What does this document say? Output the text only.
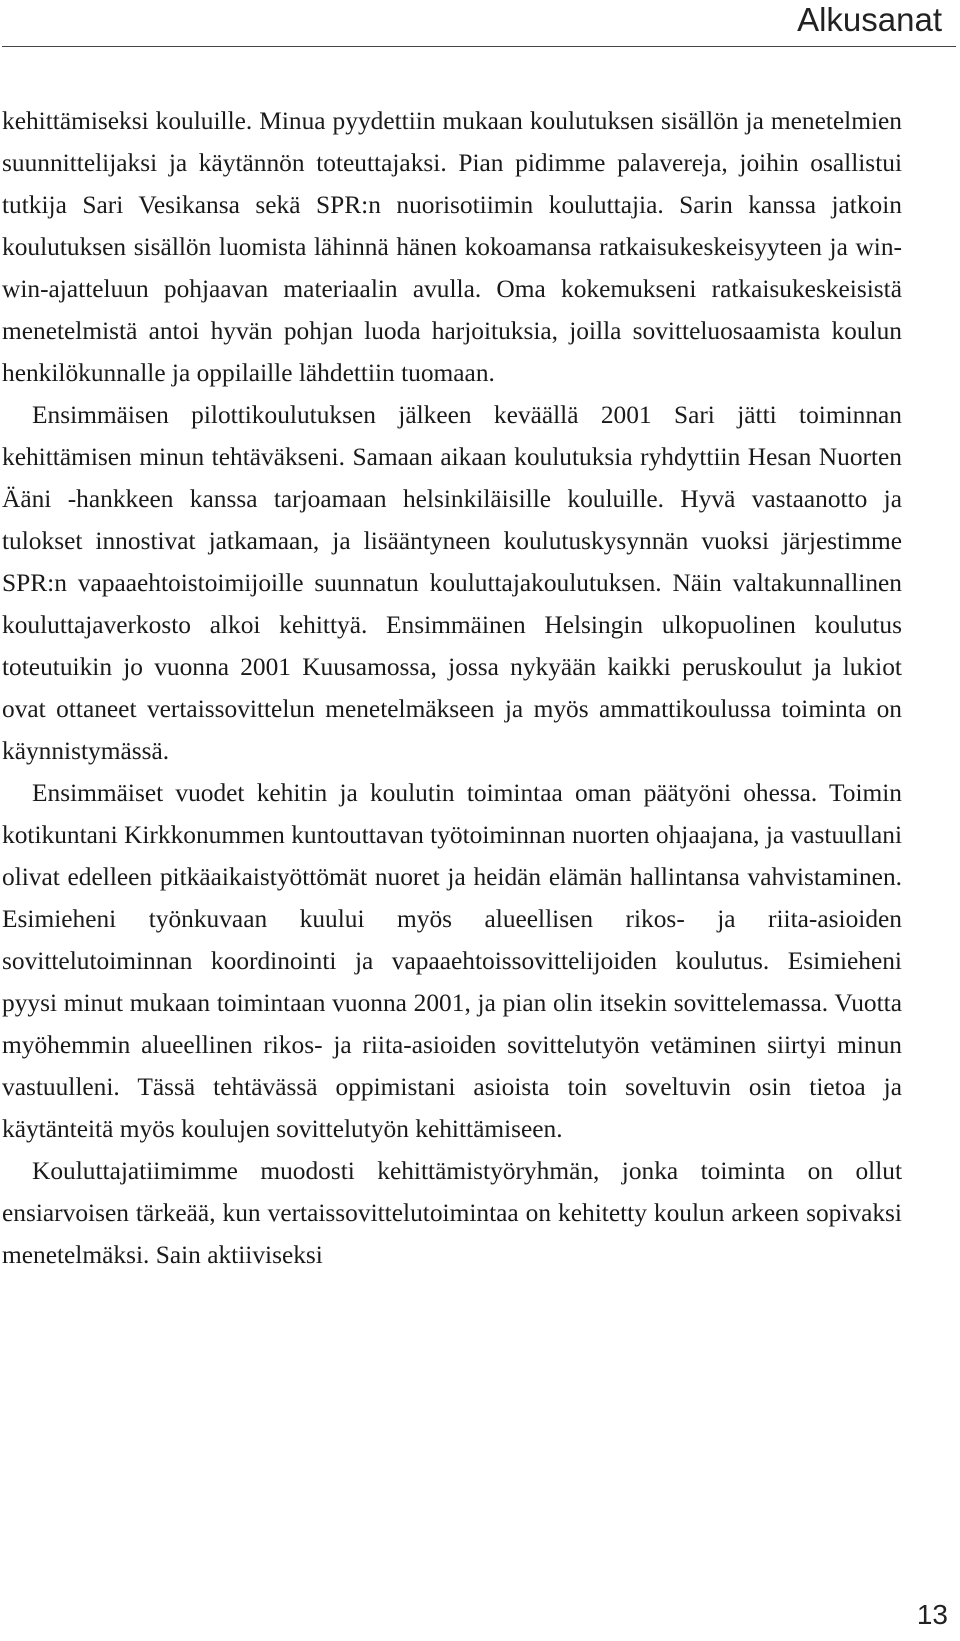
Alkusanat

kehittämiseksi kouluille. Minua pyydettiin mukaan koulutuksen sisällön ja menetelmien suunnittelijaksi ja käytännön toteuttajaksi. Pian pidimme palavereja, joihin osallistui tutkija Sari Vesikansa sekä SPR:n nuorisotiimin kouluttajia. Sarin kanssa jatkoin koulutuksen sisällön luomista lähinnä hänen kokoamansa ratkaisukeskeisyyteen ja win-win-ajatteluun pohjaavan materiaalin avulla. Oma kokemukseni ratkaisukeskeisistä menetelmistä antoi hyvän pohjan luoda harjoituksia, joilla sovitteluosaamista koulun henkilökunnalle ja oppilaille lähdettiin tuomaan.

Ensimmäisen pilottikoulutuksen jälkeen keväällä 2001 Sari jätti toiminnan kehittämisen minun tehtäväkseni. Samaan aikaan koulutuksia ryhdyttiin Hesan Nuorten Ääni -hankkeen kanssa tarjoamaan helsinkiläisille kouluille. Hyvä vastaanotto ja tulokset innostivat jatkamaan, ja lisääntyneen koulutuskysynnän vuoksi järjestimme SPR:n vapaaehtoistoimijoille suunnatun kouluttajakoulutuksen. Näin valtakunnallinen kouluttajaverkosto alkoi kehittyä. Ensimmäinen Helsingin ulkopuolinen koulutus toteutuikin jo vuonna 2001 Kuusamossa, jossa nykyään kaikki peruskoulut ja lukiot ovat ottaneet vertaissovittelun menetelmäkseen ja myös ammattikoulussa toiminta on käynnistymässä.

Ensimmäiset vuodet kehitin ja koulutin toimintaa oman päätyöni ohessa. Toimin kotikuntani Kirkkonummen kuntouttavan työtoiminnan nuorten ohjaajana, ja vastuullani olivat edelleen pitkäaikaistyöttömät nuoret ja heidän elämän hallintansa vahvistaminen. Esimieheni työnkuvaan kuului myös alueellisen rikos- ja riita-asioiden sovittelutoiminnan koordinointi ja vapaaehtoissovittelijoiden koulutus. Esimieheni pyysi minut mukaan toimintaan vuonna 2001, ja pian olin itsekin sovittelemassa. Vuotta myöhemmin alueellinen rikos- ja riita-asioiden sovittelutyön vetäminen siirtyi minun vastuulleni. Tässä tehtävässä oppimistani asioista toin soveltuvin osin tietoa ja käytänteitä myös koulujen sovittelutyön kehittämiseen.

Kouluttajatiimimme muodosti kehittämistyöryhmän, jonka toiminta on ollut ensiarvoisen tärkeää, kun vertaissovittelutoimintaa on kehitetty koulun arkeen sopivaksi menetelmäksi. Sain aktiiviseksi

13
